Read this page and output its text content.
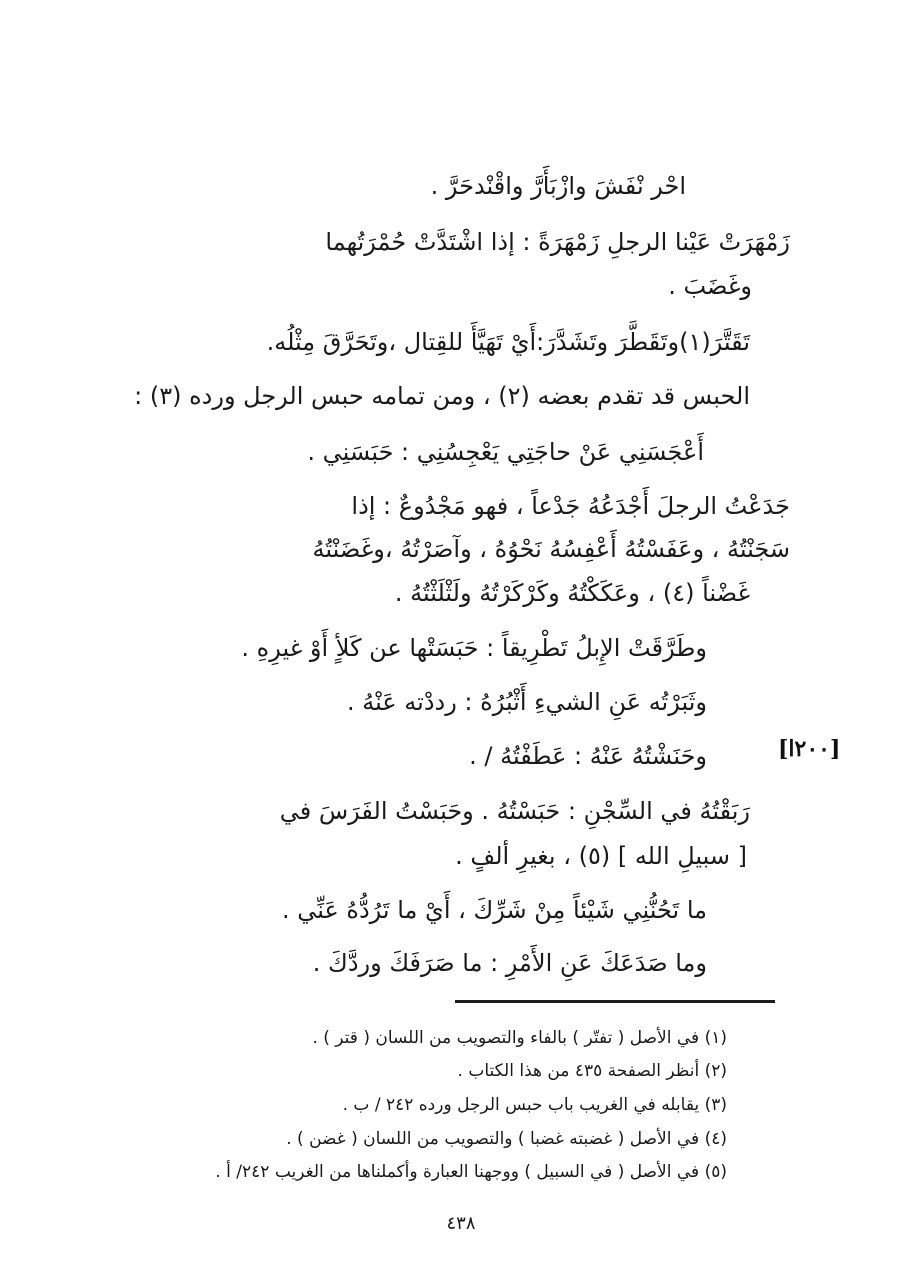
احْر نْفَشَ وازْبَأَرَّ واقْنْدحَرَّ .
زَمْهَرَتْ عَيْنا الرجلِ زَمْهَرَةً : إذا اشْتَدَّتْ حُمْرَتُهما
وغَضَبَ .
تَقَتَّرَ(١)وتَقَطَّرَ وتَشَدَّرَ:أَيْ تَهَيَّأَ للقِتال ،وتَحَرَّقَ مِثْلُه.
الحبس قد تقدم بعضه (٢) ، ومن تمامه حبس الرجل ورده (٣) :
أَعْجَسَنِي عَنْ حاجَتِي يَعْجِسُنِي : حَبَسَنِي .
جَدَعْتُ الرجلَ أَجْدَعُهُ جَدْعاً ، فهو مَجْدُوعٌ : إذا
سَجَنْتُهُ ، وعَفَسْتُهُ أَعْفِسُهُ نَحْوُهُ ، وآصَرْتُهُ ،وغَضَنْتُهُ
غَضْناً (٤) ، وعَكَكْتُهُ وكَرْكَرْتُهُ ولَثْلَثْتُهُ .
وطَرَّقَتْ الإِبلُ تَطْرِيقاً : حَبَسَتْها عن كَلأٍ أَوْ غيرِهِ .
وثَبَرْتُه عَنِ الشيءِ أَثْبُرُهُ : رددْته عَنْهُ .
وحَنَشْتُهُ عَنْهُ : عَطَفْتُهُ / .
رَبَقْتُهُ في السِّجْنِ : حَبَسْتُهُ . وحَبَسْتُ الفَرَسَ في
[ سبيلِ الله ] (٥) ، بغيرِ ألفٍ .
ما تَحُنُّنِي شَيْئاً مِنْ شَرِّكَ ، أَيْ ما تَرُدُّهُ عَنِّي .
وما صَدَعَكَ عَنِ الأَمْرِ : ما صَرَفَكَ وردَّكَ .
[٢٠٠ا]
(١) في الأصل ( تفتّر ) بالفاء والتصويب من اللسان ( قتر ) .
(٢) أنظر الصفحة ٤٣٥ من هذا الكتاب .
(٣) يقابله في الغريب باب حبس الرجل ورده ٢٤٢ / ب .
(٤) في الأصل ( غضبته غضبا ) والتصويب من اللسان ( غضن ) .
(٥) في الأصل ( في السبيل ) ووجهنا العبارة وأكملناها من الغريب ٢٤٢/ أ .
٤٣٨
